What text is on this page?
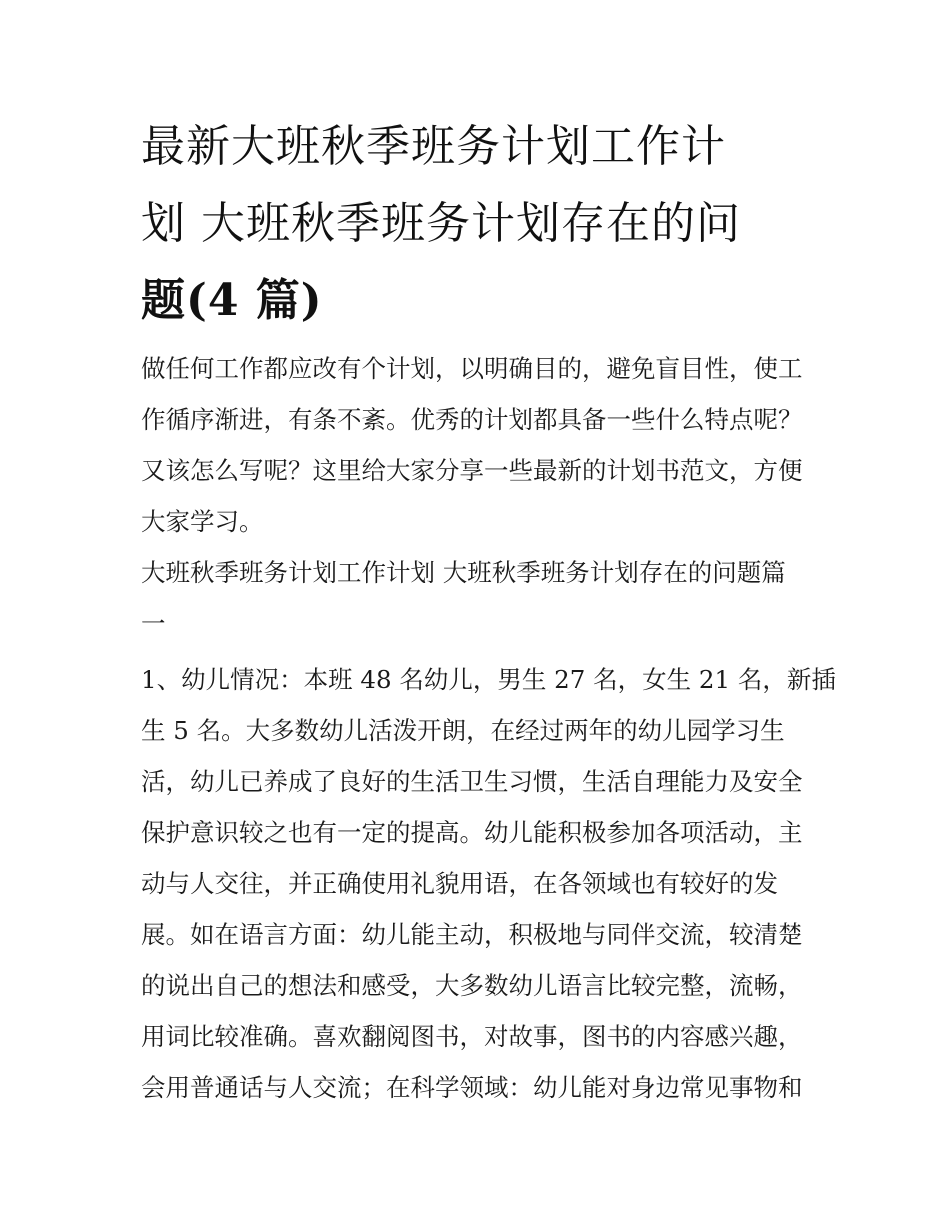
最新大班秋季班务计划工作计
划 大班秋季班务计划存在的问
题(4 篇)

做任何工作都应改有个计划，以明确目的，避免盲目性，使工
作循序渐进，有条不紊。优秀的计划都具备一些什么特点呢？
又该怎么写呢？这里给大家分享一些最新的计划书范文，方便
大家学习。

大班秋季班务计划工作计划 大班秋季班务计划存在的问题篇
一

1、幼儿情况：本班 48 名幼儿，男生 27 名，女生 21 名，新插
生 5 名。大多数幼儿活泼开朗，在经过两年的幼儿园学习生
活，幼儿已养成了良好的生活卫生习惯，生活自理能力及安全
保护意识较之也有一定的提高。幼儿能积极参加各项活动，主
动与人交往，并正确使用礼貌用语，在各领域也有较好的发
展。如在语言方面：幼儿能主动，积极地与同伴交流，较清楚
的说出自己的想法和感受，大多数幼儿语言比较完整，流畅，
用词比较准确。喜欢翻阅图书，对故事，图书的内容感兴趣，
会用普通话与人交流；在科学领域：幼儿能对身边常见事物和
